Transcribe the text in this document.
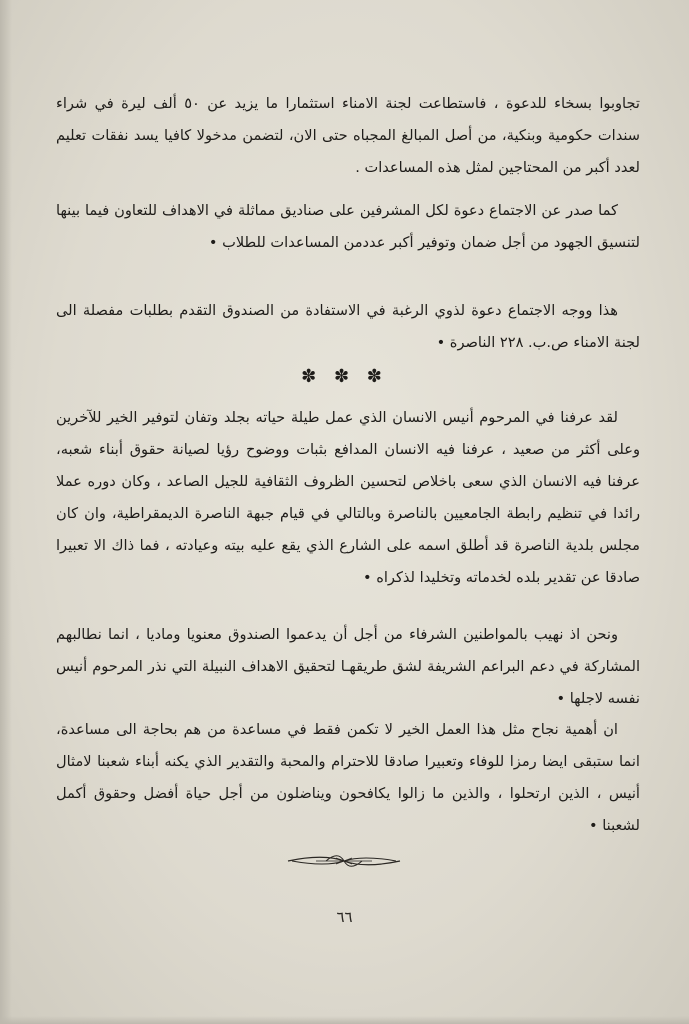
تجاوبوا بسخاء للدعوة ، فاستطاعت لجنة الامناء استثمارا ما يزيد عن ٥٠ ألف ليرة في شراء سندات حكومية وبنكية، من أصل المبالغ المجباه حتى الان، لتضمن مدخولا كافيا يسد نفقات تعليم لعدد أكبر من المحتاجين لمثل هذه المساعدات .

كما صدر عن الاجتماع دعوة لكل المشرفين على صناديق مماثلة في الاهداف للتعاون فيما بينها لتنسيق الجهود من أجل ضمان وتوفير أكبر عددمن المساعدات للطلاب •

هذا ووجه الاجتماع دعوة لذوي الرغبة في الاستفادة من الصندوق التقدم بطلبات مفصلة الى لجنة الامناء ص.ب. ٢٢٨ الناصرة •

✽ ✽ ✽

لقد عرفنا في المرحوم أنيس الانسان الذي عمل طيلة حياته بجلد وتفان لتوفير الخير للآخرين وعلى أكثر من صعيد ، عرفنا فيه الانسان المدافع بثبات ووضوح رؤيا لصيانة حقوق أبناء شعبه، عرفنا فيه الانسان الذي سعى باخلاص لتحسين الظروف الثقافية للجيل الصاعد ، وكان دوره عملا رائدا في تنظيم رابطة الجامعيين بالناصرة وبالتالي في قيام جبهة الناصرة الديمقراطية، وان كان مجلس بلدية الناصرة قد أطلق اسمه على الشارع الذي يقع عليه بيته وعيادته ، فما ذاك الا تعبيرا صادقا عن تقدير بلده لخدماته وتخليدا لذكراه •

ونحن اذ نهيب بالمواطنين الشرفاء من أجل أن يدعموا الصندوق معنويا وماديا ، انما نطالبهم المشاركة في دعم البراعم الشريفة لشق طريقهـا لتحقيق الاهداف النبيلة التي نذر المرحوم أنيس نفسه لاجلها •

ان أهمية نجاح مثل هذا العمل الخير لا تكمن فقط في مساعدة من هم بحاجة الى مساعدة، انما ستبقى ايضا رمزا للوفاء وتعبيرا صادقا للاحترام والمحبة والتقدير الذي يكنه أبناء شعبنا لامثال أنيس ، الذين ارتحلوا ، والذين ما زالوا يكافحون ويناضلون من أجل حياة أفضل وحقوق أكمل لشعبنا •

٦٦
